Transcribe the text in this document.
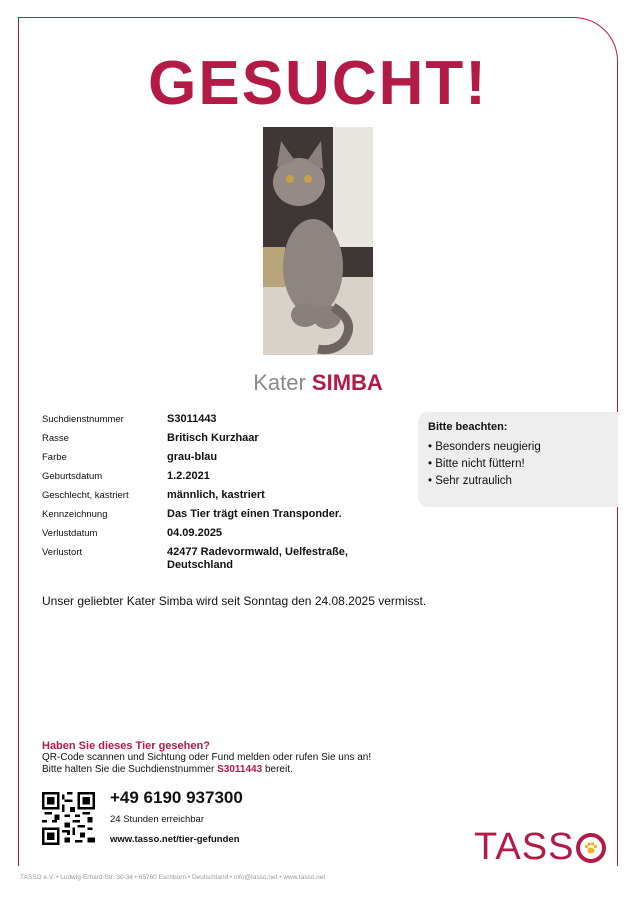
GESUCHT!
Kater SIMBA
Suchdienstnummer	S3011443
Rasse	Britisch Kurzhaar
Farbe	grau-blau
Geburtsdatum	1.2.2021
Geschlecht, kastriert	männlich, kastriert
Kennzeichnung	Das Tier trägt einen Transponder.
Verlustdatum	04.09.2025
Verlustort	42477 Radevormwald, Uelfestraße, Deutschland
Bitte beachten:
• Besonders neugierig
• Bitte nicht füttern!
• Sehr zutraulich
Unser geliebter Kater Simba wird seit Sonntag den 24.08.2025 vermisst.
Haben Sie dieses Tier gesehen?
QR-Code scannen und Sichtung oder Fund melden oder rufen Sie uns an!
Bitte halten Sie die Suchdienstnummer S3011443 bereit.
+49 6190 937300
24 Stunden erreichbar
www.tasso.net/tier-gefunden	TASS
TASSO e.V. • Ludwig-Erhard-Str. 30-34 • 65760 Eschborn • Deutschland • info@tasso.net • www.tasso.net
